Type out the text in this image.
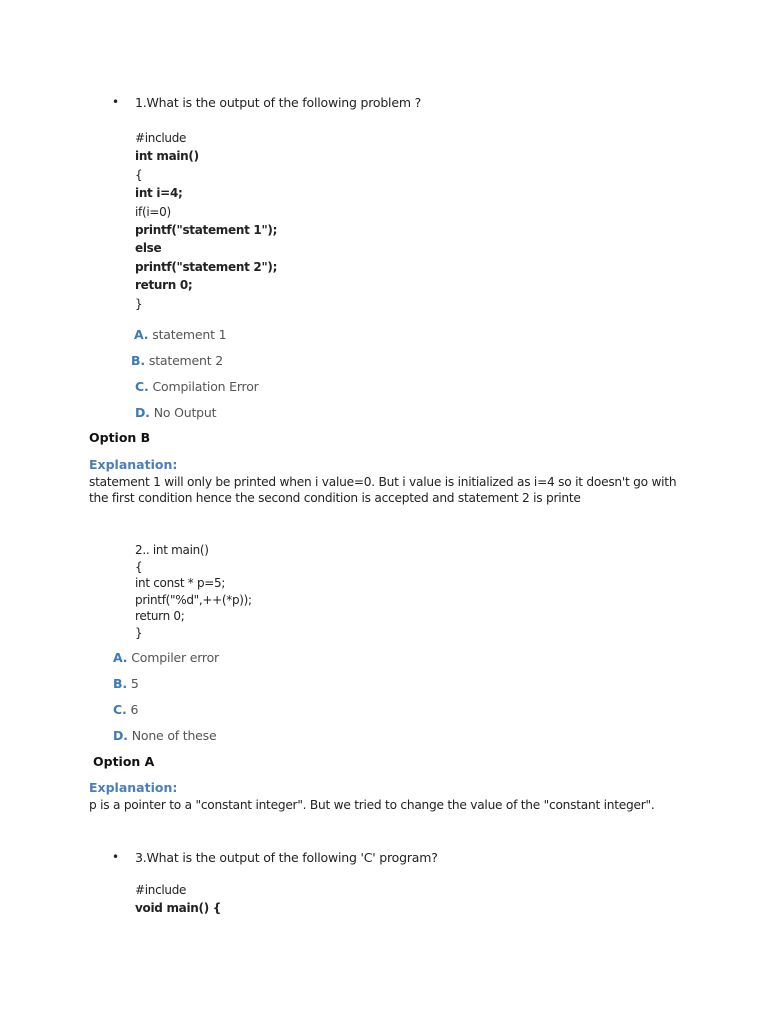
• 1.What is the output of the following problem ?
#include
int main()
{
int i=4;
if(i=0)
printf("statement 1");
else
printf("statement 2");
return 0;
}
A. statement 1
B. statement 2
C. Compilation Error
D. No Output
Option B
Explanation:
statement 1 will only be printed when i value=0. But i value is initialized as i=4 so it doesn't go with the first condition hence the second condition is accepted and statement 2 is printe
2.. int main()
{
int const * p=5;
printf("%d",++(*p));
return 0;
}
A. Compiler error
B. 5
C. 6
D. None of these
Option A
Explanation:
p is a pointer to a "constant integer". But we tried to change the value of the "constant integer".
• 3.What is the output of the following 'C' program?
#include
void main() {
